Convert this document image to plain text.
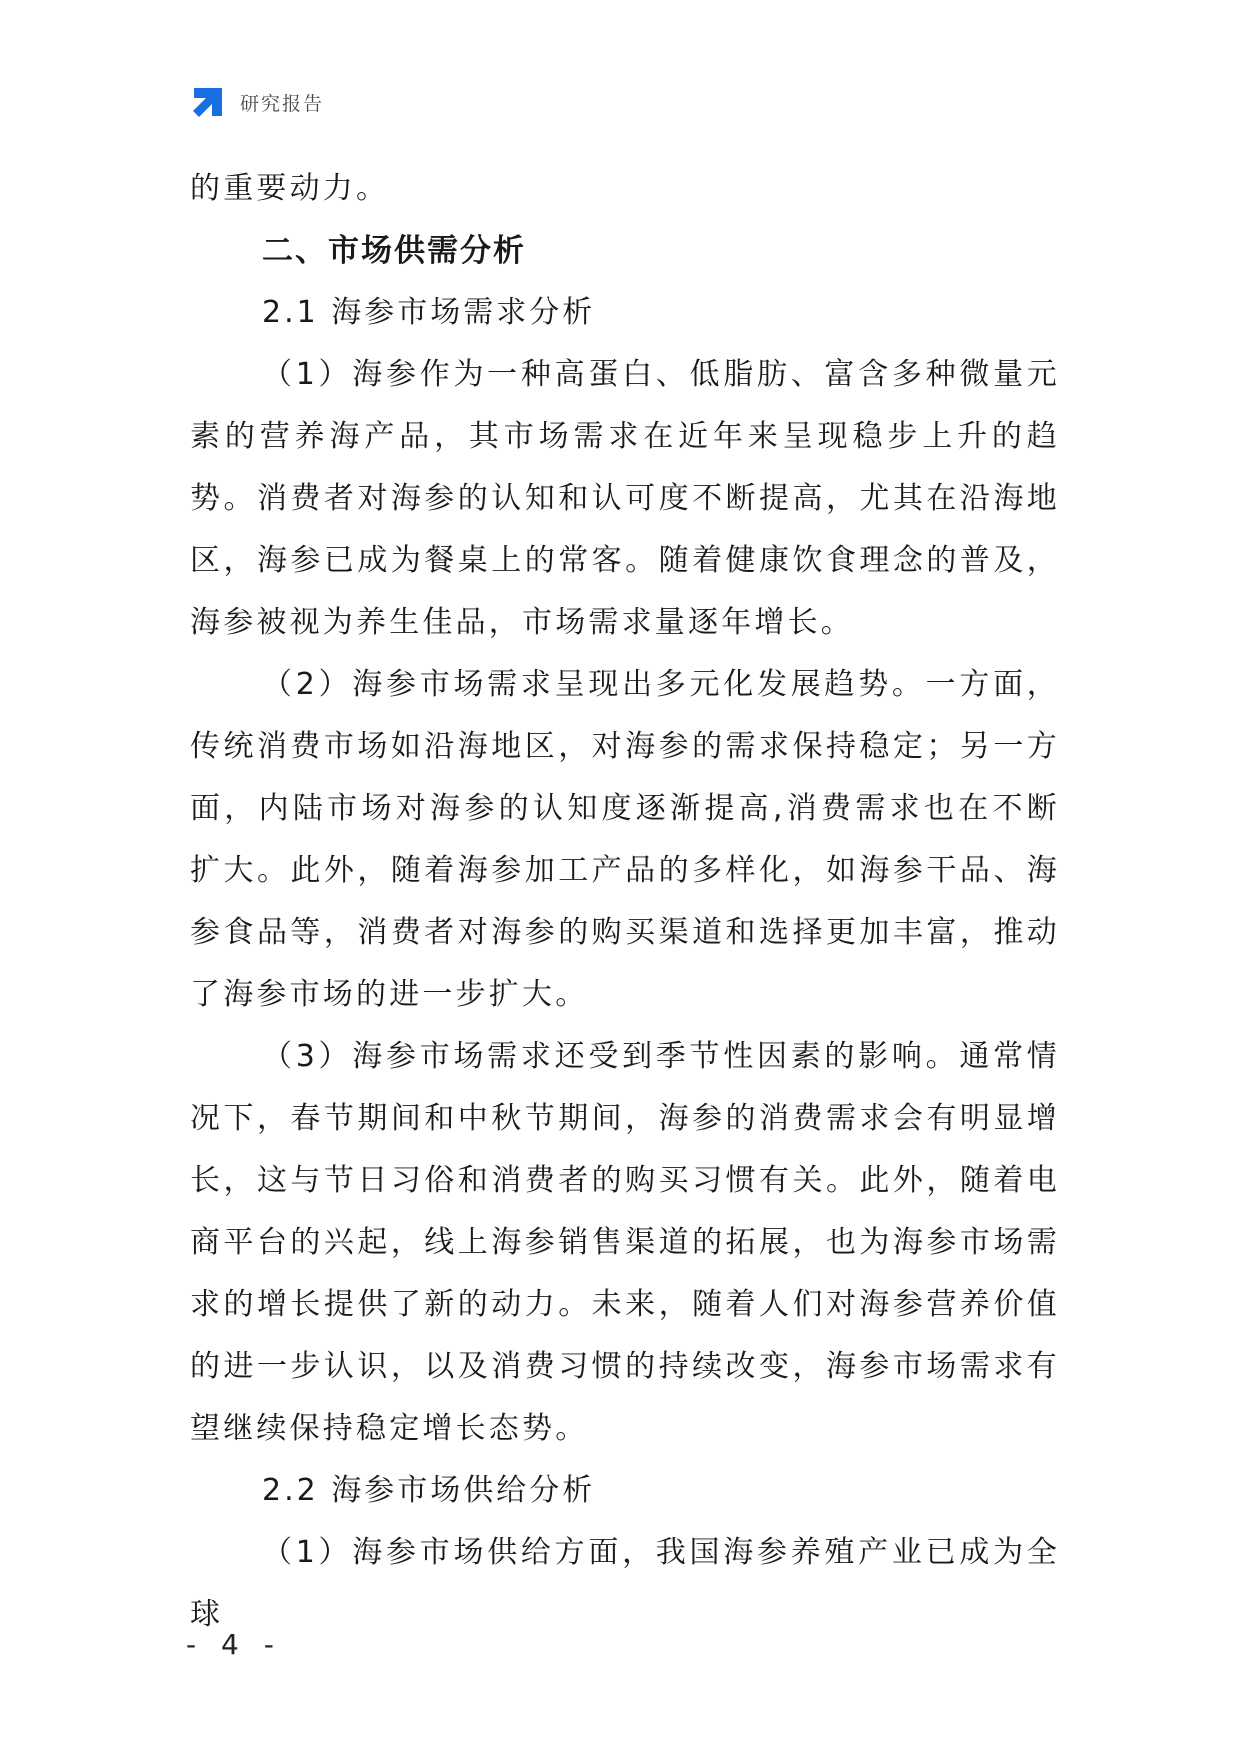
研究报告

的重要动力。

二、市场供需分析

2.1 海参市场需求分析

（1）海参作为一种高蛋白、低脂肪、富含多种微量元素的营养海产品，其市场需求在近年来呈现稳步上升的趋势。消费者对海参的认知和认可度不断提高，尤其在沿海地区，海参已成为餐桌上的常客。随着健康饮食理念的普及，海参被视为养生佳品，市场需求量逐年增长。

（2）海参市场需求呈现出多元化发展趋势。一方面，传统消费市场如沿海地区，对海参的需求保持稳定；另一方面，内陆市场对海参的认知度逐渐提高,消费需求也在不断扩大。此外，随着海参加工产品的多样化，如海参干品、海参食品等，消费者对海参的购买渠道和选择更加丰富，推动了海参市场的进一步扩大。

（3）海参市场需求还受到季节性因素的影响。通常情况下，春节期间和中秋节期间，海参的消费需求会有明显增长，这与节日习俗和消费者的购买习惯有关。此外，随着电商平台的兴起，线上海参销售渠道的拓展，也为海参市场需求的增长提供了新的动力。未来，随着人们对海参营养价值的进一步认识，以及消费习惯的持续改变，海参市场需求有望继续保持稳定增长态势。

2.2 海参市场供给分析

（1）海参市场供给方面，我国海参养殖产业已成为全球

- 4 -
